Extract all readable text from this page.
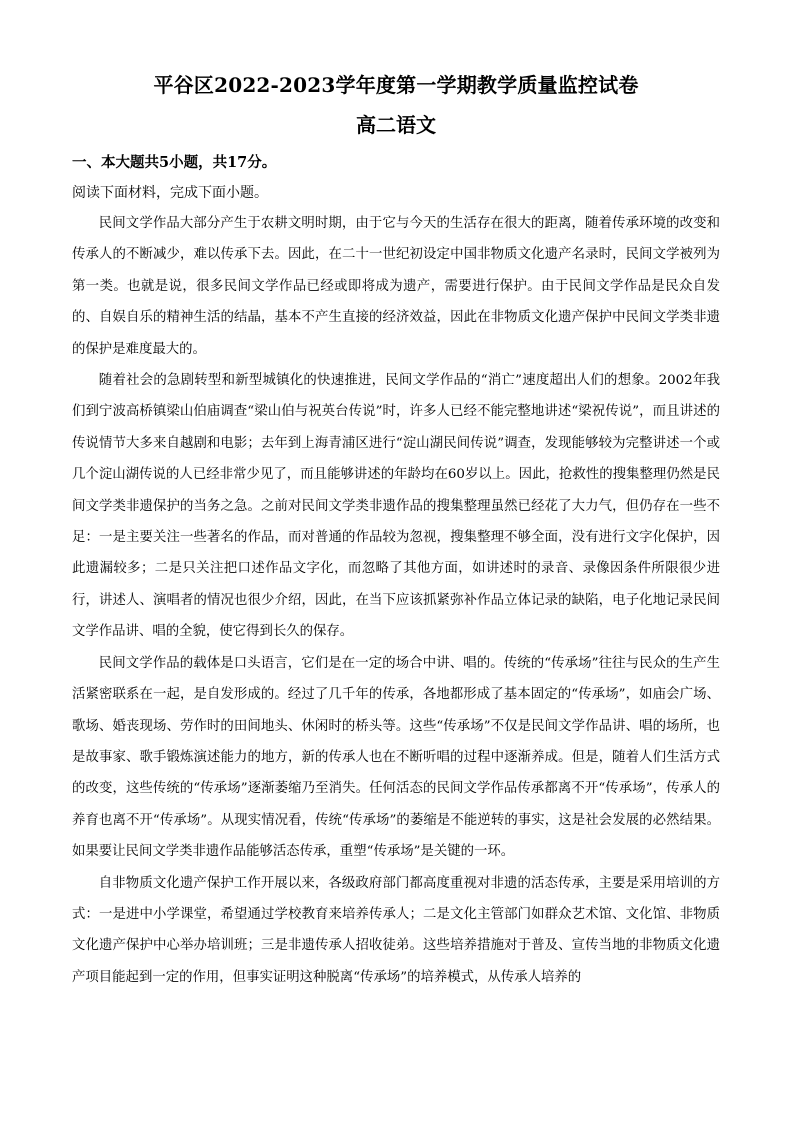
平谷区2022-2023学年度第一学期教学质量监控试卷
高二语文
一、本大题共5小题，共17分。
阅读下面材料，完成下面小题。

民间文学作品大部分产生于农耕文明时期，由于它与今天的生活存在很大的距离，随着传承环境的改变和传承人的不断减少，难以传承下去。因此，在二十一世纪初设定中国非物质文化遗产名录时，民间文学被列为第一类。也就是说，很多民间文学作品已经或即将成为遗产，需要进行保护。由于民间文学作品是民众自发的、自娱自乐的精神生活的结晶，基本不产生直接的经济效益，因此在非物质文化遗产保护中民间文学类非遗的保护是难度最大的。

随着社会的急剧转型和新型城镇化的快速推进，民间文学作品的“消亡”速度超出人们的想象。2002年我们到宁波高桥镇梁山伯庙调查“梁山伯与祝英台传说”时，许多人已经不能完整地讲述“梁祝传说”，而且讲述的传说情节大多来自越剧和电影；去年到上海青浦区进行“淀山湖民间传说”调查，发现能够较为完整讲述一个或几个淀山湖传说的人已经非常少见了，而且能够讲述的年龄均在60岁以上。因此，抢救性的搜集整理仍然是民间文学类非遗保护的当务之急。之前对民间文学类非遗作品的搜集整理虽然已经花了大力气，但仍存在一些不足：一是主要关注一些著名的作品，而对普通的作品较为忽视，搜集整理不够全面，没有进行文字化保护，因此遗漏较多；二是只关注把口述作品文字化，而忽略了其他方面，如讲述时的录音、录像因条件所限很少进行，讲述人、演唱者的情况也很少介绍，因此，在当下应该抓紧弥补作品立体记录的缺陷，电子化地记录民间文学作品讲、唱的全貌，使它得到长久的保存。

民间文学作品的载体是口头语言，它们是在一定的场合中讲、唱的。传统的“传承场”往往与民众的生产生活紧密联系在一起，是自发形成的。经过了几千年的传承，各地都形成了基本固定的“传承场”，如庙会广场、歌场、婚丧现场、劳作时的田间地头、休闲时的桥头等。这些“传承场”不仅是民间文学作品讲、唱的场所，也是故事家、歌手锻炼演述能力的地方，新的传承人也在不断听唱的过程中逐渐养成。但是，随着人们生活方式的改变，这些传统的“传承场”逐渐萎缩乃至消失。任何活态的民间文学作品传承都离不开“传承场”，传承人的养育也离不开“传承场”。从现实情况看，传统“传承场”的萎缩是不能逆转的事实，这是社会发展的必然结果。如果要让民间文学类非遗作品能够活态传承，重塑“传承场”是关键的一环。

自非物质文化遗产保护工作开展以来，各级政府部门都高度重视对非遗的活态传承，主要是采用培训的方式：一是进中小学课堂，希望通过学校教育来培养传承人；二是文化主管部门如群众艺术馆、文化馆、非物质文化遗产保护中心举办培训班；三是非遗传承人招收徒弟。这些培养措施对于普及、宣传当地的非物质文化遗产项目能起到一定的作用，但事实证明这种脱离“传承场”的培养模式，从传承人培养的
